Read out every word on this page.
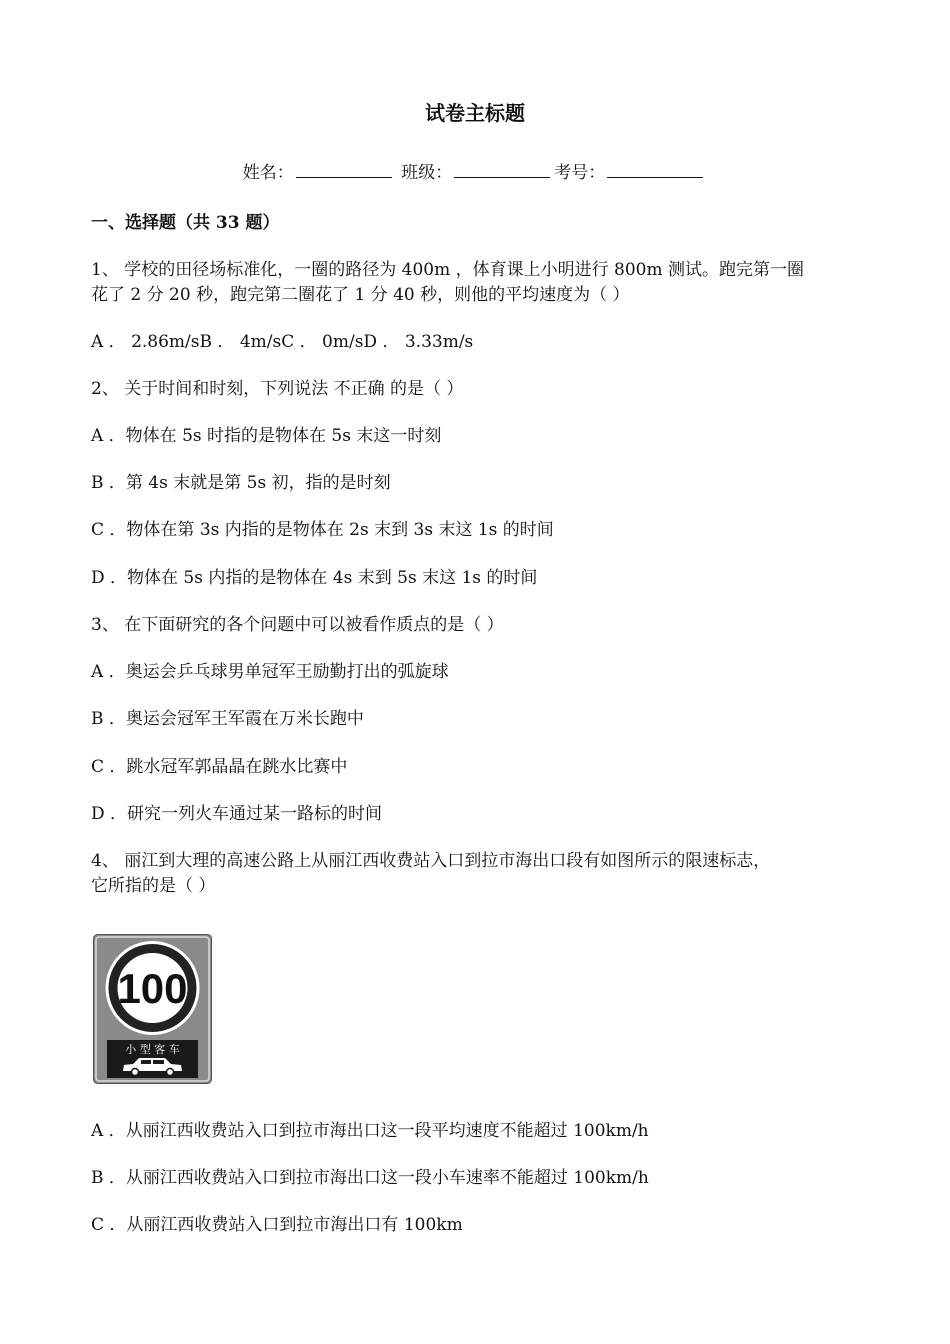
试卷主标题
姓名：	班级：	考号：
一、选择题（共 33 题）
1、 学校的田径场标准化，一圈的路径为 400m ，体育课上小明进行 800m 测试。跑完第一圈
花了 2 分 20 秒，跑完第二圈花了 1 分 40 秒，则他的平均速度为（ ）
A ． 2.86m/sB ． 4m/sC ． 0m/sD ． 3.33m/s
2、 关于时间和时刻，下列说法 不正确 的是（ ）
A ．物体在 5s 时指的是物体在 5s 末这一时刻
B ．第 4s 末就是第 5s 初，指的是时刻
C ．物体在第 3s 内指的是物体在 2s 末到 3s 末这 1s 的时间
D ．物体在 5s 内指的是物体在 4s 末到 5s 末这 1s 的时间
3、 在下面研究的各个问题中可以被看作质点的是（ ）
A ．奥运会乒乓球男单冠军王励勤打出的弧旋球
B ．奥运会冠军王军霞在万米长跑中
C ．跳水冠军郭晶晶在跳水比赛中
D ．研究一列火车通过某一路标的时间
4、 丽江到大理的高速公路上从丽江西收费站入口到拉市海出口段有如图所示的限速标志，
它所指的是（ ）
100
小 型 客 车
A ．从丽江西收费站入口到拉市海出口这一段平均速度不能超过 100km/h
B ．从丽江西收费站入口到拉市海出口这一段小车速率不能超过 100km/h
C ．从丽江西收费站入口到拉市海出口有 100km
